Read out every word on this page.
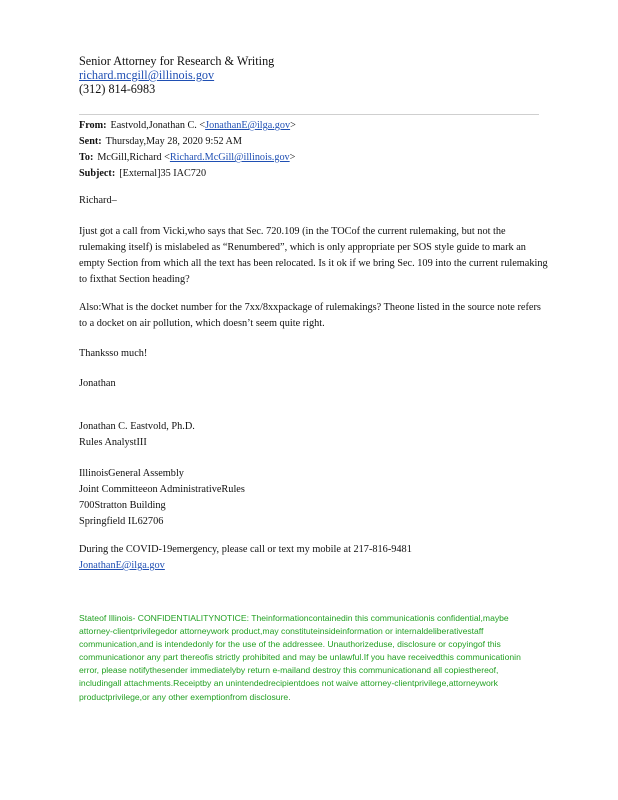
Senior Attorney for Research & Writing
richard.mcgill@illinois.gov
(312) 814-6983
From: Eastvold,Jonathan C. <JonathanE@ilga.gov>
Sent: Thursday,May 28, 2020 9:52 AM
To: McGill,Richard <Richard.McGill@illinois.gov>
Subject: [External]35 IAC720

Richard–

Ijust got a call from Vicki,who says that Sec. 720.109 (in the TOCof the current rulemaking, but not the rulemaking itself) is mislabeled as “Renumbered”, which is only appropriate per SOS style guide to mark an empty Section from which all the text has been relocated. Is it ok if we bring Sec. 109 into the current rulemaking to fixthat Section heading?

Also:What is the docket number for the 7xx/8xxpackage of rulemakings? Theone listed in the source note refers to a docket on air pollution, which doesn’t seem quite right.

Thanksso much!

Jonathan

Jonathan C. Eastvold, Ph.D.

Rules AnalystIII

IllinoisGeneral Assembly

Joint Committeeon AdministrativeRules

700Stratton Building

Springfield IL62706

During the COVID-19emergency, please call or text my mobile at 217-816-9481

JonathanE@ilga.gov

Stateof Illinois- CONFIDENTIALITYNOTICE: Theinformationcontainedin this communicationis confidential,maybe attorney-clientprivilegedor attorneywork product,may constituteinsideinformation or internaldeliberativestaff communication,and is intendedonly for the use of the addressee. Unauthorizeduse, disclosure or copyingof this communicationor any part thereofis strictly prohibited and may be unlawful.If you have receivedthis communicationin error, please notifythesender immediatelyby return e-mailand destroy this communicationand all copiesthereof, includingall attachments.Receiptby an unintendedrecipientdoes not waive attorney-clientprivilege,attorneywork productprivilege,or any other exemptionfrom disclosure.
